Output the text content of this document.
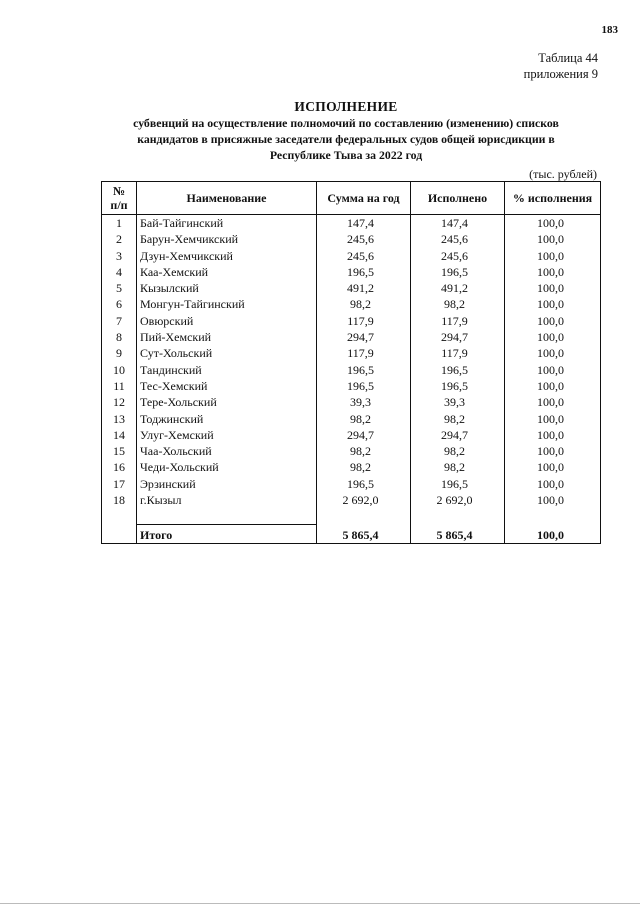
183
Таблица 44
приложения 9
ИСПОЛНЕНИЕ
субвенций на осуществление полномочий по составлению (изменению) списков
кандидатов в присяжные заседатели федеральных судов общей юрисдикции в
Республике Тыва за 2022 год
(тыс. рублей)
№
п/п	Наименование	Сумма на год	Исполнено	% исполнения
1	Бай-Тайгинский	147,4	147,4	100,0
2	Барун-Хемчикский	245,6	245,6	100,0
3	Дзун-Хемчикский	245,6	245,6	100,0
4	Каа-Хемский	196,5	196,5	100,0
5	Кызылский	491,2	491,2	100,0
6	Монгун-Тайгинский	98,2	98,2	100,0
7	Овюрский	117,9	117,9	100,0
8	Пий-Хемский	294,7	294,7	100,0
9	Сут-Хольский	117,9	117,9	100,0
10	Тандинский	196,5	196,5	100,0
11	Тес-Хемский	196,5	196,5	100,0
12	Тере-Хольский	39,3	39,3	100,0
13	Тоджинский	98,2	98,2	100,0
14	Улуг-Хемский	294,7	294,7	100,0
15	Чаа-Хольский	98,2	98,2	100,0
16	Чеди-Хольский	98,2	98,2	100,0
17	Эрзинский	196,5	196,5	100,0
18	г.Кызыл	2 692,0	2 692,0	100,0

	Итого	5 865,4	5 865,4	100,0
